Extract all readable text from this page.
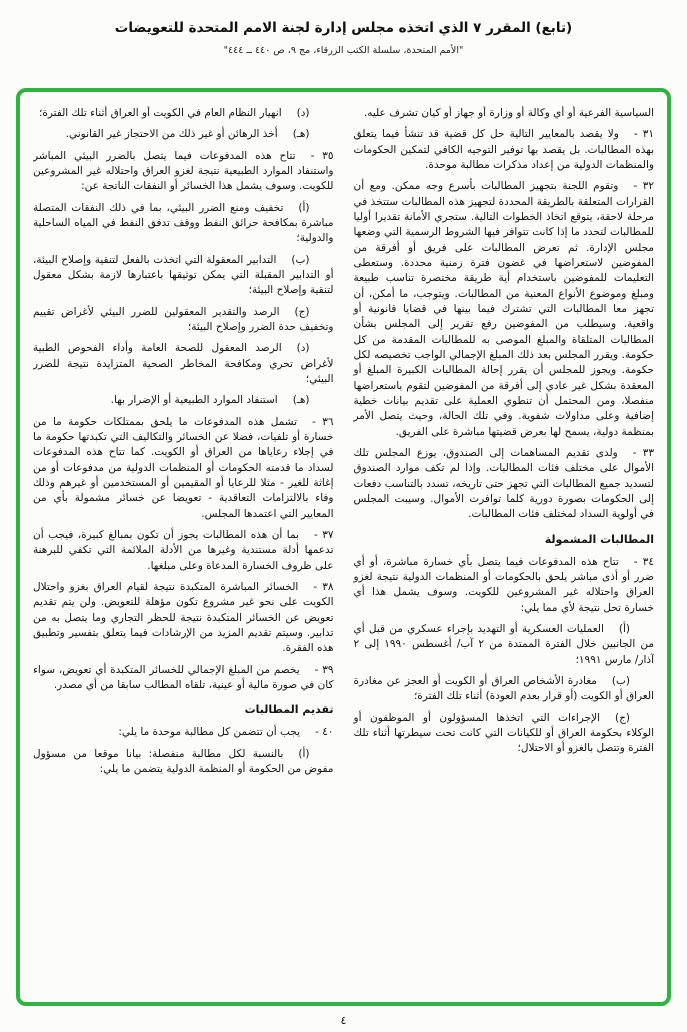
(تابع) المقرر ٧ الذي اتخذه مجلس إدارة لجنة الامم المتحدة للتعويضات
"الأمم المتحدة، سلسلة الكتب الزرقاء، مج ٩، ص ٤٤٠ ــ ٤٤٤"

السياسية الفرعية أو أي وكالة أو وزارة أو جهاز أو كيان تشرف عليه.

٣١ -ولا يقصد بالمعايير التالية حل كل قضية قد تنشأ فيما يتعلق بهذه المطالبات. بل يقصد بها توفير التوجيه الكافي لتمكين الحكومات والمنظمات الدولية من إعداد مذكرات مطالبة موحدة.

٣٢ -وتقوم اللجنة بتجهيز المطالبات بأسرع وجه ممكن. ومع أن القرارات المتعلقة بالطريقة المحددة لتجهيز هذه المطالبات ستتخذ في مرحلة لاحقة، يتوقع اتخاذ الخطوات التالية. ستجري الأمانة تقديرا أوليا للمطالبات لتحدد ما إذا كانت تتوافر فيها الشروط الرسمية التي وضعها مجلس الإدارة. ثم تعرض المطالبات على فريق أو أفرقة من المفوضين لاستعراضها في غضون فترة زمنية محددة. وستعطى التعليمات للمفوضين باستخدام أية طريقة مختصرة تناسب طبيعة ومبلغ وموضوع الأنواع المعنية من المطالبات. ويتوجب، ما أمكن، أن تجهز معا المطالبات التي تشترك فيما بينها في قضايا قانونية أو واقعية. وسيطلب من المفوضين رفع تقرير إلى المجلس بشأن المطالبات المتلقاة والمبلغ الموصى به للمطالبات المقدمة من كل حكومة. ويقرر المجلس بعد ذلك المبلغ الإجمالي الواجب تخصيصه لكل حكومة. ويجوز للمجلس أن يقرر إحالة المطالبات الكبيرة المبلغ أو المعقدة بشكل غير عادي إلى أفرقة من المفوضين لتقوم باستعراضها منفصلا، ومن المحتمل أن تنطوي العملية على تقديم بيانات خطية إضافية وعلى مداولات شفوية. وفي تلك الحالة، وحيث يتصل الأمر بمنظمة دولية، يسمح لها بعرض قضيتها مباشرة على الفريق.

٣٣ -ولدى تقديم المساهمات إلى الصندوق، يوزع المجلس تلك الأموال على مختلف فئات المطالبات. وإذا لم تكف موارد الصندوق لتسديد جميع المطالبات التي تجهز حتى تاريخه، تسدد بالتناسب دفعات إلى الحكومات بصورة دورية كلما توافرت الأموال. وسيبت المجلس في أولوية السداد لمختلف فئات المطالبات.

المطالبات المشمولة

٣٤ -تتاح هذه المدفوعات فيما يتصل بأي خسارة مباشرة، أو أي ضرر أو أذى مباشر يلحق بالحكومات أو المنظمات الدولية نتيجة لغزو العراق واحتلاله غير المشروعين للكويت. وسوف يشمل هذا أي خسارة تحل نتيجة لأي مما يلي:

(أ)العمليات العسكرية أو التهديد بإجراء عسكري من قبل أي من الجانبين خلال الفترة الممتدة من ٢ آب/ أغسطس ١٩٩٠ إلى ٢ آذار/ مارس ١٩٩١؛

(ب)مغادرة الأشخاص العراق أو الكويت أو العجز عن مغادرة العراق أو الكويت (أو قرار بعدم العودة) أثناء تلك الفترة؛

(ج)الإجراءات التي اتخذها المسؤولون أو الموظفون أو الوكلاء بحكومة العراق أو للكيانات التي كانت تحت سيطرتها أثناء تلك الفترة وتتصل بالغزو أو الاحتلال؛

(د)انهيار النظام العام في الكويت أو العراق أثناء تلك الفترة؛

(هـ)أخذ الرهائن أو غير ذلك من الاحتجاز غير القانوني.

٣٥ -تتاح هذه المدفوعات فيما يتصل بالضرر البيئي المباشر واستنفاد الموارد الطبيعية نتيجة لغزو العراق واحتلاله غير المشروعين للكويت. وسوف يشمل هذا الخسائر أو النفقات الناتجة عن:

(أ)تخفيف ومنع الضرر البيئي، بما في ذلك النفقات المتصلة مباشرة بمكافحة حرائق النفط ووقف تدفق النفط في المياه الساحلية والدولية؛

(ب)التدابير المعقولة التي اتخذت بالفعل لتنقية وإصلاح البيئة، أو التدابير المقبلة التي يمكن توثيقها باعتبارها لازمة بشكل معقول لتنقية وإصلاح البيئة؛

(ج)الرصد والتقدير المعقولين للضرر البيئي لأغراض تقييم وتخفيف حدة الضرر وإصلاح البيئة؛

(د)الرصد المعقول للصحة العامة وأداء الفحوص الطبية لأغراض تحري ومكافحة المخاطر الصحية المتزايدة نتيجة للضرر البيئي؛

(هـ)استنفاد الموارد الطبيعية أو الإضرار بها.

٣٦ -تشمل هذه المدفوعات ما يلحق بممتلكات حكومة ما من خسارة أو تلفيات، فضلا عن الخسائر والتكاليف التي تكبدتها حكومة ما في إجلاء رعاياها من العراق أو الكويت. كما تتاح هذه المدفوعات لسداد ما قدمته الحكومات أو المنظمات الدولية من مدفوعات أو من إغاثة للغير - مثلا للرعايا أو المقيمين أو المستخدمين أو غيرهم وذلك وفاء بالالتزامات التعاقدية - تعويضا عن خسائر مشمولة بأي من المعايير التي اعتمدها المجلس.

٣٧ -بما أن هذه المطالبات يجوز أن تكون بمبالغ كبيرة، فيجب أن تدعمها أدلة مستندية وغيرها من الأدلة الملائمة التي تكفي للبرهنة على ظروف الخسارة المدعاة وعلى مبلغها.

٣٨ -الخسائر المباشرة المتكبدة نتيجة لقيام العراق بغزو واحتلال الكويت على نحو غير مشروع تكون مؤهلة للتعويض. ولن يتم تقديم تعويض عن الخسائر المتكبدة نتيجة للحظر التجاري وما يتصل به من تدابير. وسيتم تقديم المزيد من الإرشادات فيما يتعلق بتفسير وتطبيق هذه الفقرة.

٣٩ -يخصم من المبلغ الإجمالي للخسائر المتكبدة أي تعويض، سواء كان في صورة مالية أو عينية، تلقاه المطالب سابقا من أي مصدر.

تقديم المطالبات

٤٠ -يجب أن تتضمن كل مطالبة موحدة ما يلي:

(أ)بالنسبة لكل مطالبة منفصلة: بيانا موقعا من مسؤول مفوض من الحكومة أو المنظمة الدولية يتضمن ما يلي:

٤
